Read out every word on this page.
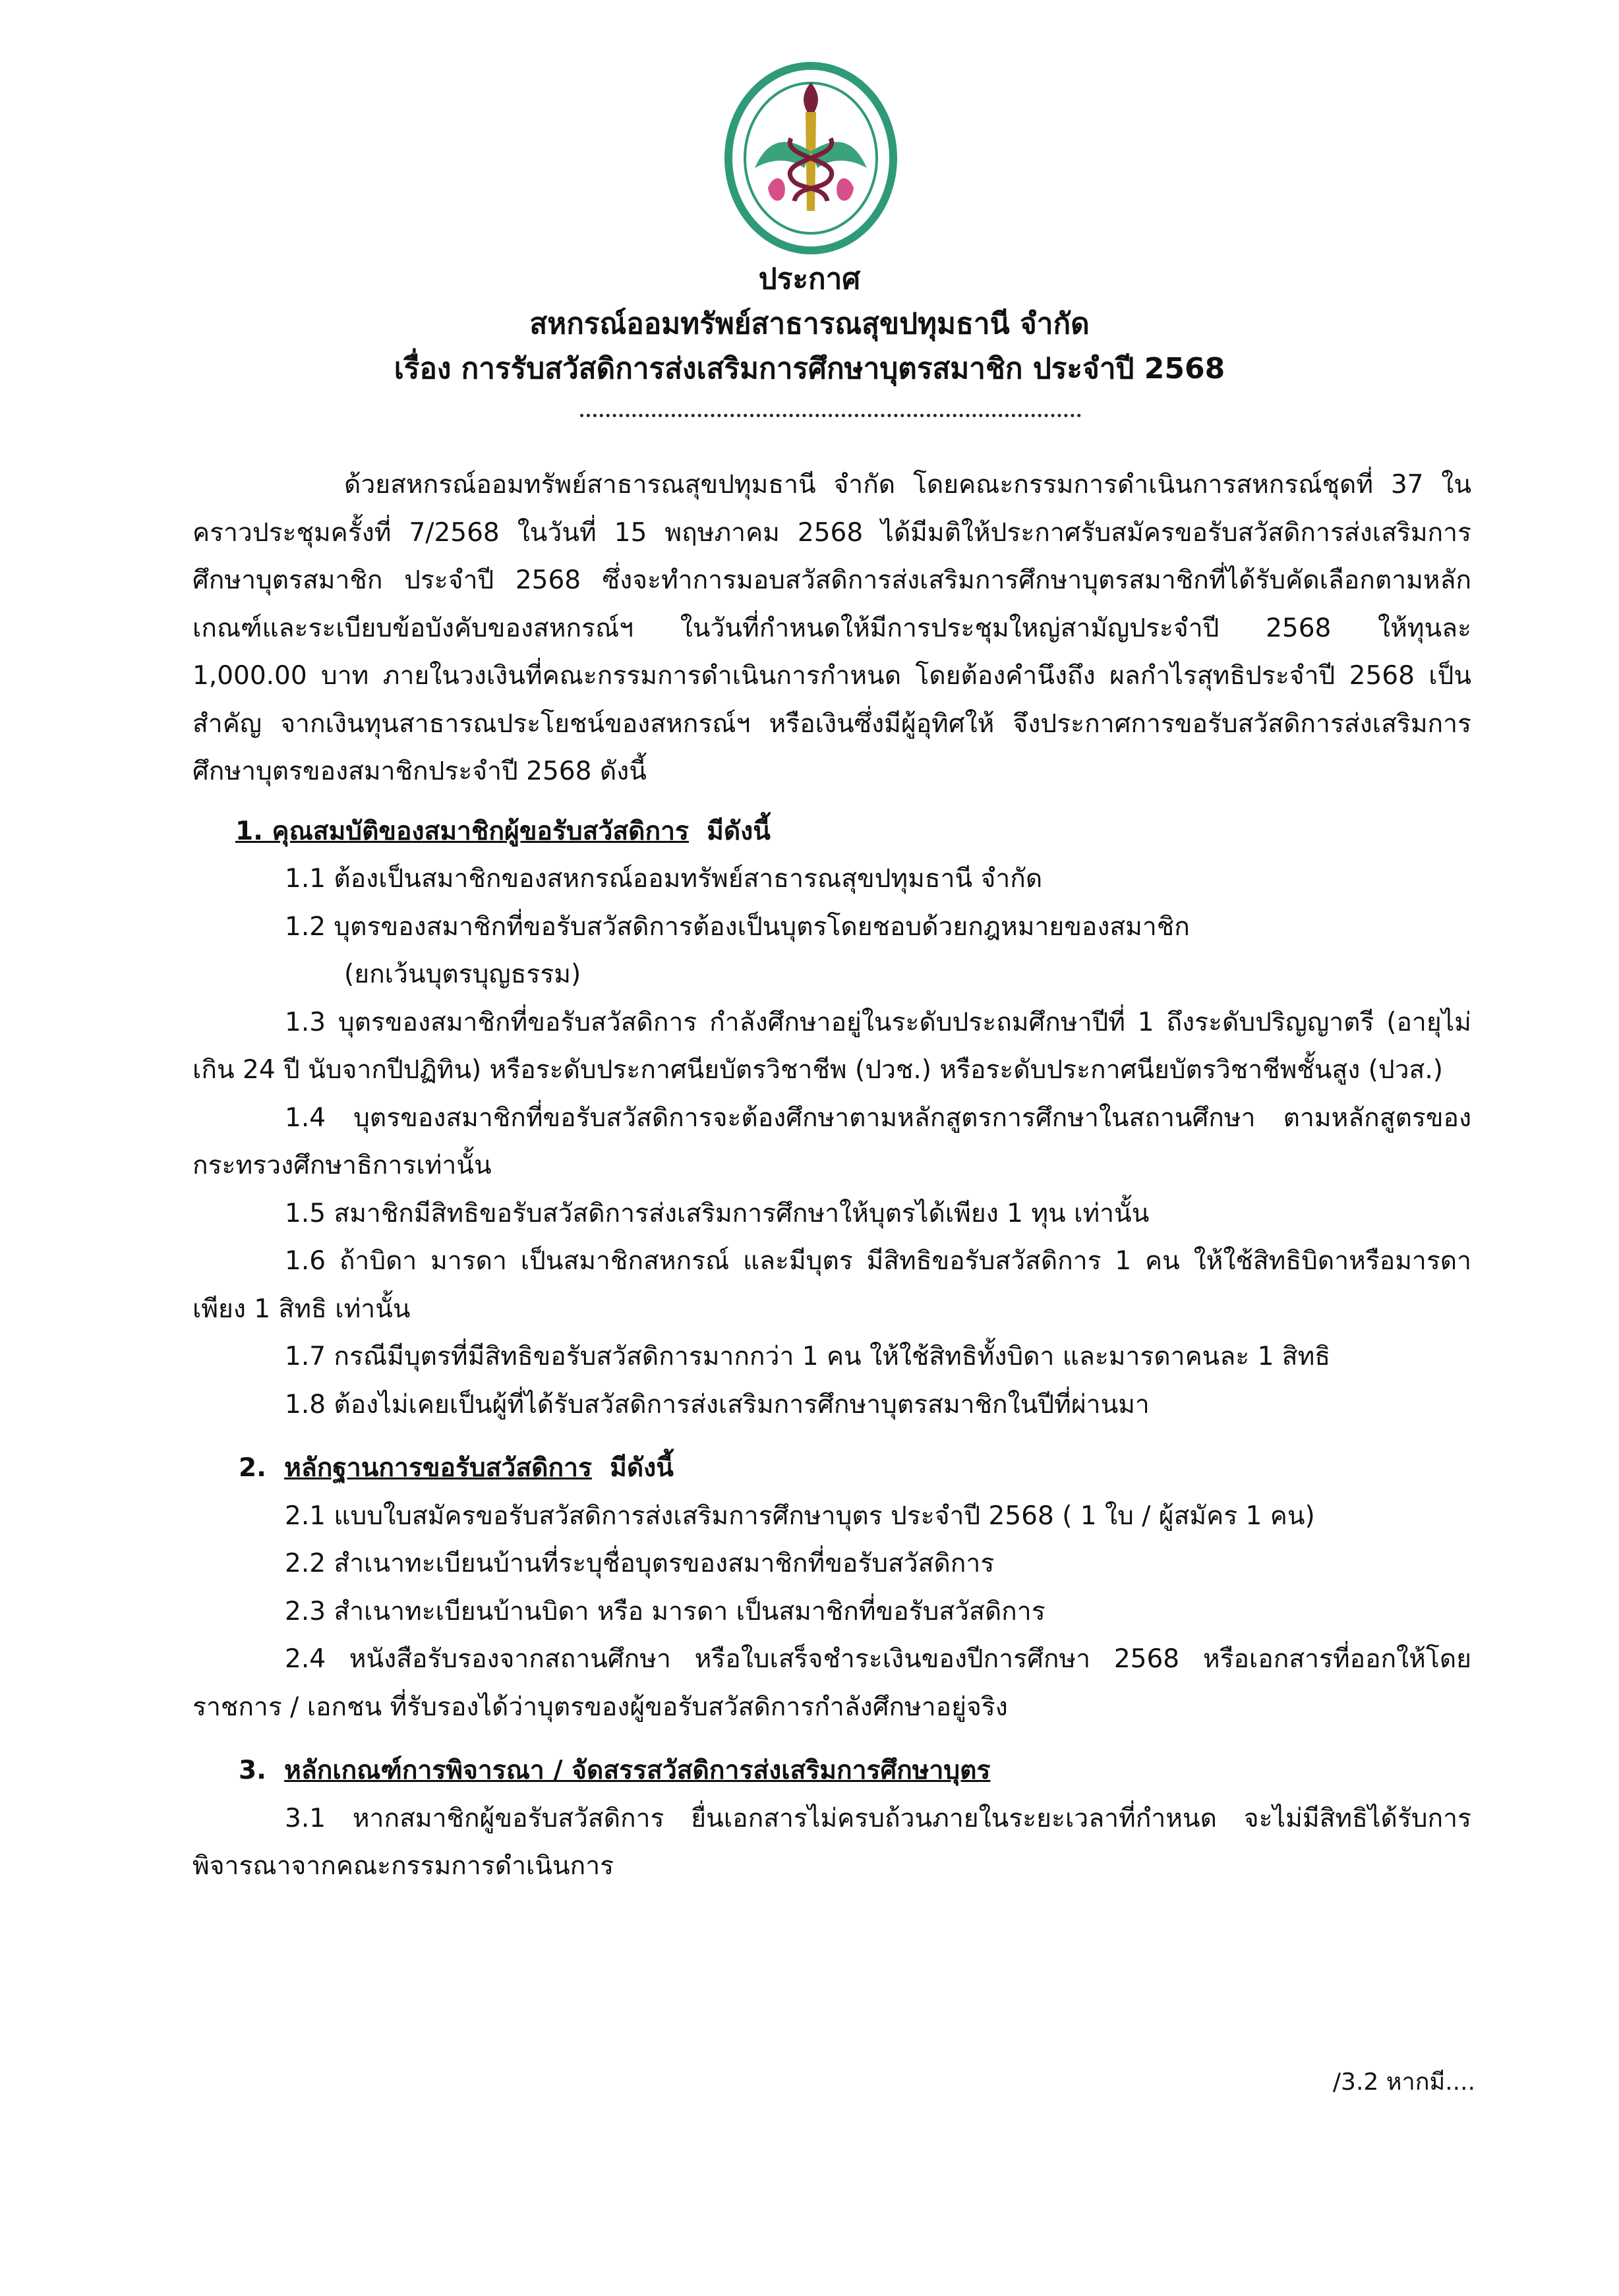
ประกาศ
สหกรณ์ออมทรัพย์สาธารณสุขปทุมธานี จำกัด
เรื่อง การรับสวัสดิการส่งเสริมการศึกษาบุตรสมาชิก ประจำปี 2568

ด้วยสหกรณ์ออมทรัพย์สาธารณสุขปทุมธานี จำกัด โดยคณะกรรมการดำเนินการสหกรณ์ชุดที่ 37 ในคราวประชุมครั้งที่ 7/2568 ในวันที่ 15 พฤษภาคม 2568 ได้มีมติให้ประกาศรับสมัครขอรับสวัสดิการส่งเสริมการศึกษาบุตรสมาชิก ประจำปี 2568 ซึ่งจะทำการมอบสวัสดิการส่งเสริมการศึกษาบุตรสมาชิกที่ได้รับคัดเลือกตามหลักเกณฑ์และระเบียบข้อบังคับของสหกรณ์ฯ ในวันที่กำหนดให้มีการประชุมใหญ่สามัญประจำปี 2568 ให้ทุนละ 1,000.00 บาท ภายในวงเงินที่คณะกรรมการดำเนินการกำหนด โดยต้องคำนึงถึง ผลกำไรสุทธิประจำปี 2568 เป็นสำคัญ จากเงินทุนสาธารณประโยชน์ของสหกรณ์ฯ หรือเงินซึ่งมีผู้อุทิศให้ จึงประกาศการขอรับสวัสดิการส่งเสริมการศึกษาบุตรของสมาชิกประจำปี 2568 ดังนี้

1. คุณสมบัติของสมาชิกผู้ขอรับสวัสดิการ มีดังนี้

1.1 ต้องเป็นสมาชิกของสหกรณ์ออมทรัพย์สาธารณสุขปทุมธานี จำกัด

1.2 บุตรของสมาชิกที่ขอรับสวัสดิการต้องเป็นบุตรโดยชอบด้วยกฎหมายของสมาชิก

(ยกเว้นบุตรบุญธรรม)

1.3 บุตรของสมาชิกที่ขอรับสวัสดิการ กำลังศึกษาอยู่ในระดับประถมศึกษาปีที่ 1 ถึงระดับปริญญาตรี (อายุไม่เกิน 24 ปี นับจากปีปฏิทิน) หรือระดับประกาศนียบัตรวิชาชีพ (ปวช.) หรือระดับประกาศนียบัตรวิชาชีพชั้นสูง (ปวส.)

1.4 บุตรของสมาชิกที่ขอรับสวัสดิการจะต้องศึกษาตามหลักสูตรการศึกษาในสถานศึกษา ตามหลักสูตรของกระทรวงศึกษาธิการเท่านั้น

1.5 สมาชิกมีสิทธิขอรับสวัสดิการส่งเสริมการศึกษาให้บุตรได้เพียง 1 ทุน เท่านั้น

1.6 ถ้าบิดา มารดา เป็นสมาชิกสหกรณ์ และมีบุตร มีสิทธิขอรับสวัสดิการ 1 คน ให้ใช้สิทธิบิดาหรือมารดาเพียง 1 สิทธิ เท่านั้น

1.7 กรณีมีบุตรที่มีสิทธิขอรับสวัสดิการมากกว่า 1 คน ให้ใช้สิทธิทั้งบิดา และมารดาคนละ 1 สิทธิ

1.8 ต้องไม่เคยเป็นผู้ที่ได้รับสวัสดิการส่งเสริมการศึกษาบุตรสมาชิกในปีที่ผ่านมา

2. หลักฐานการขอรับสวัสดิการ มีดังนี้

2.1 แบบใบสมัครขอรับสวัสดิการส่งเสริมการศึกษาบุตร ประจำปี 2568 ( 1 ใบ / ผู้สมัคร 1 คน)

2.2 สำเนาทะเบียนบ้านที่ระบุชื่อบุตรของสมาชิกที่ขอรับสวัสดิการ

2.3 สำเนาทะเบียนบ้านบิดา หรือ มารดา เป็นสมาชิกที่ขอรับสวัสดิการ

2.4 หนังสือรับรองจากสถานศึกษา หรือใบเสร็จชำระเงินของปีการศึกษา 2568 หรือเอกสารที่ออกให้โดยราชการ / เอกชน ที่รับรองได้ว่าบุตรของผู้ขอรับสวัสดิการกำลังศึกษาอยู่จริง

3. หลักเกณฑ์การพิจารณา / จัดสรรสวัสดิการส่งเสริมการศึกษาบุตร

3.1 หากสมาชิกผู้ขอรับสวัสดิการ ยื่นเอกสารไม่ครบถ้วนภายในระยะเวลาที่กำหนด จะไม่มีสิทธิได้รับการพิจารณาจากคณะกรรมการดำเนินการ

/3.2 หากมี....
